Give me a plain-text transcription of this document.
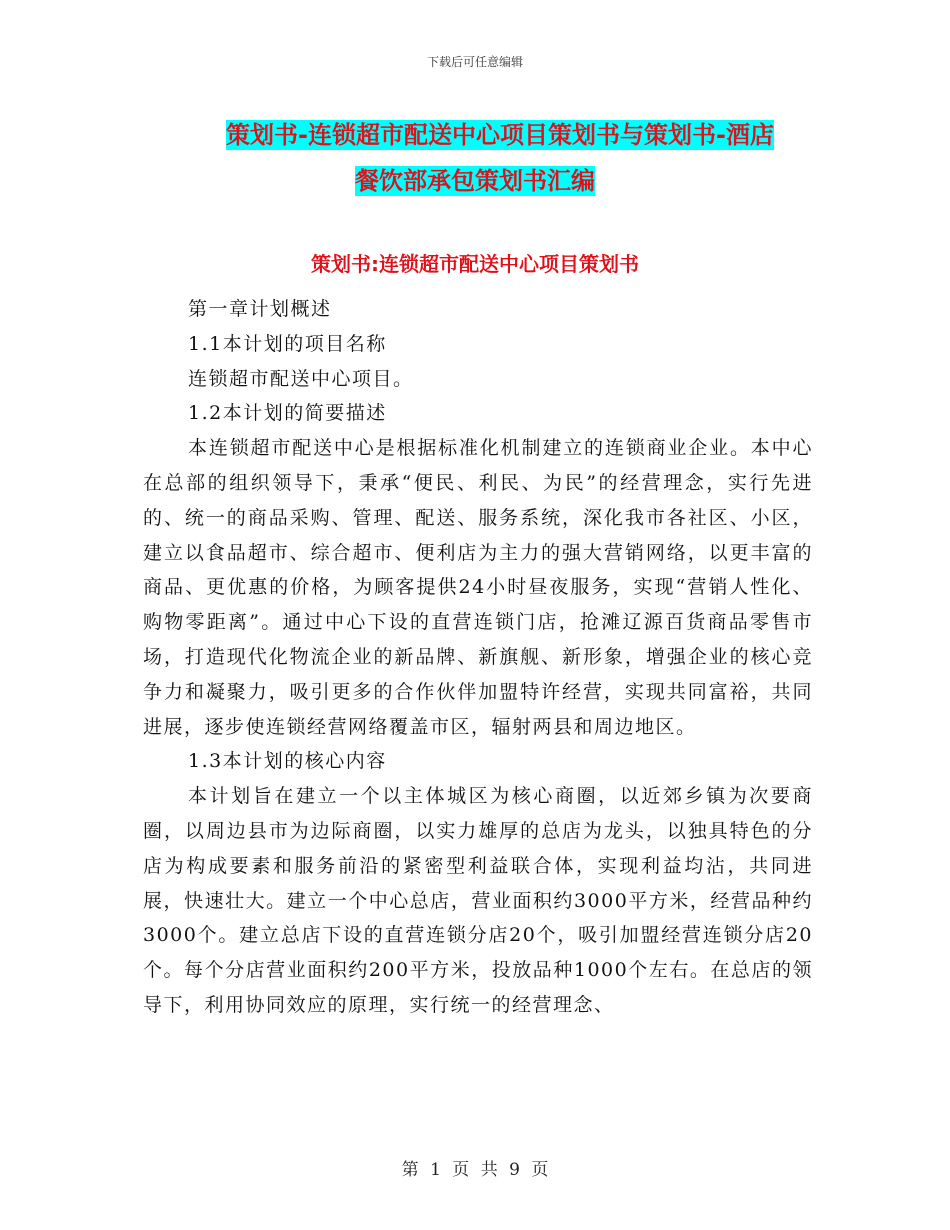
下载后可任意编辑
策划书-连锁超市配送中心项目策划书与策划书-酒店
餐饮部承包策划书汇编
策划书:连锁超市配送中心项目策划书

第一章计划概述

1.1本计划的项目名称

连锁超市配送中心项目。

1.2本计划的简要描述

本连锁超市配送中心是根据标准化机制建立的连锁商业企业。本中心在总部的组织领导下，秉承“便民、利民、为民”的经营理念，实行先进的、统一的商品采购、管理、配送、服务系统，深化我市各社区、小区，建立以食品超市、综合超市、便利店为主力的强大营销网络，以更丰富的商品、更优惠的价格，为顾客提供24小时昼夜服务，实现“营销人性化、购物零距离”。通过中心下设的直营连锁门店，抢滩辽源百货商品零售市场，打造现代化物流企业的新品牌、新旗舰、新形象，增强企业的核心竞争力和凝聚力，吸引更多的合作伙伴加盟特许经营，实现共同富裕，共同进展，逐步使连锁经营网络覆盖市区，辐射两县和周边地区。

1.3本计划的核心内容

本计划旨在建立一个以主体城区为核心商圈，以近郊乡镇为次要商圈，以周边县市为边际商圈，以实力雄厚的总店为龙头，以独具特色的分店为构成要素和服务前沿的紧密型利益联合体，实现利益均沾，共同进展，快速壮大。建立一个中心总店，营业面积约3000平方米，经营品种约3000个。建立总店下设的直营连锁分店20个，吸引加盟经营连锁分店20个。每个分店营业面积约200平方米，投放品种1000个左右。在总店的领导下，利用协同效应的原理，实行统一的经营理念、

第 1 页 共 9 页
